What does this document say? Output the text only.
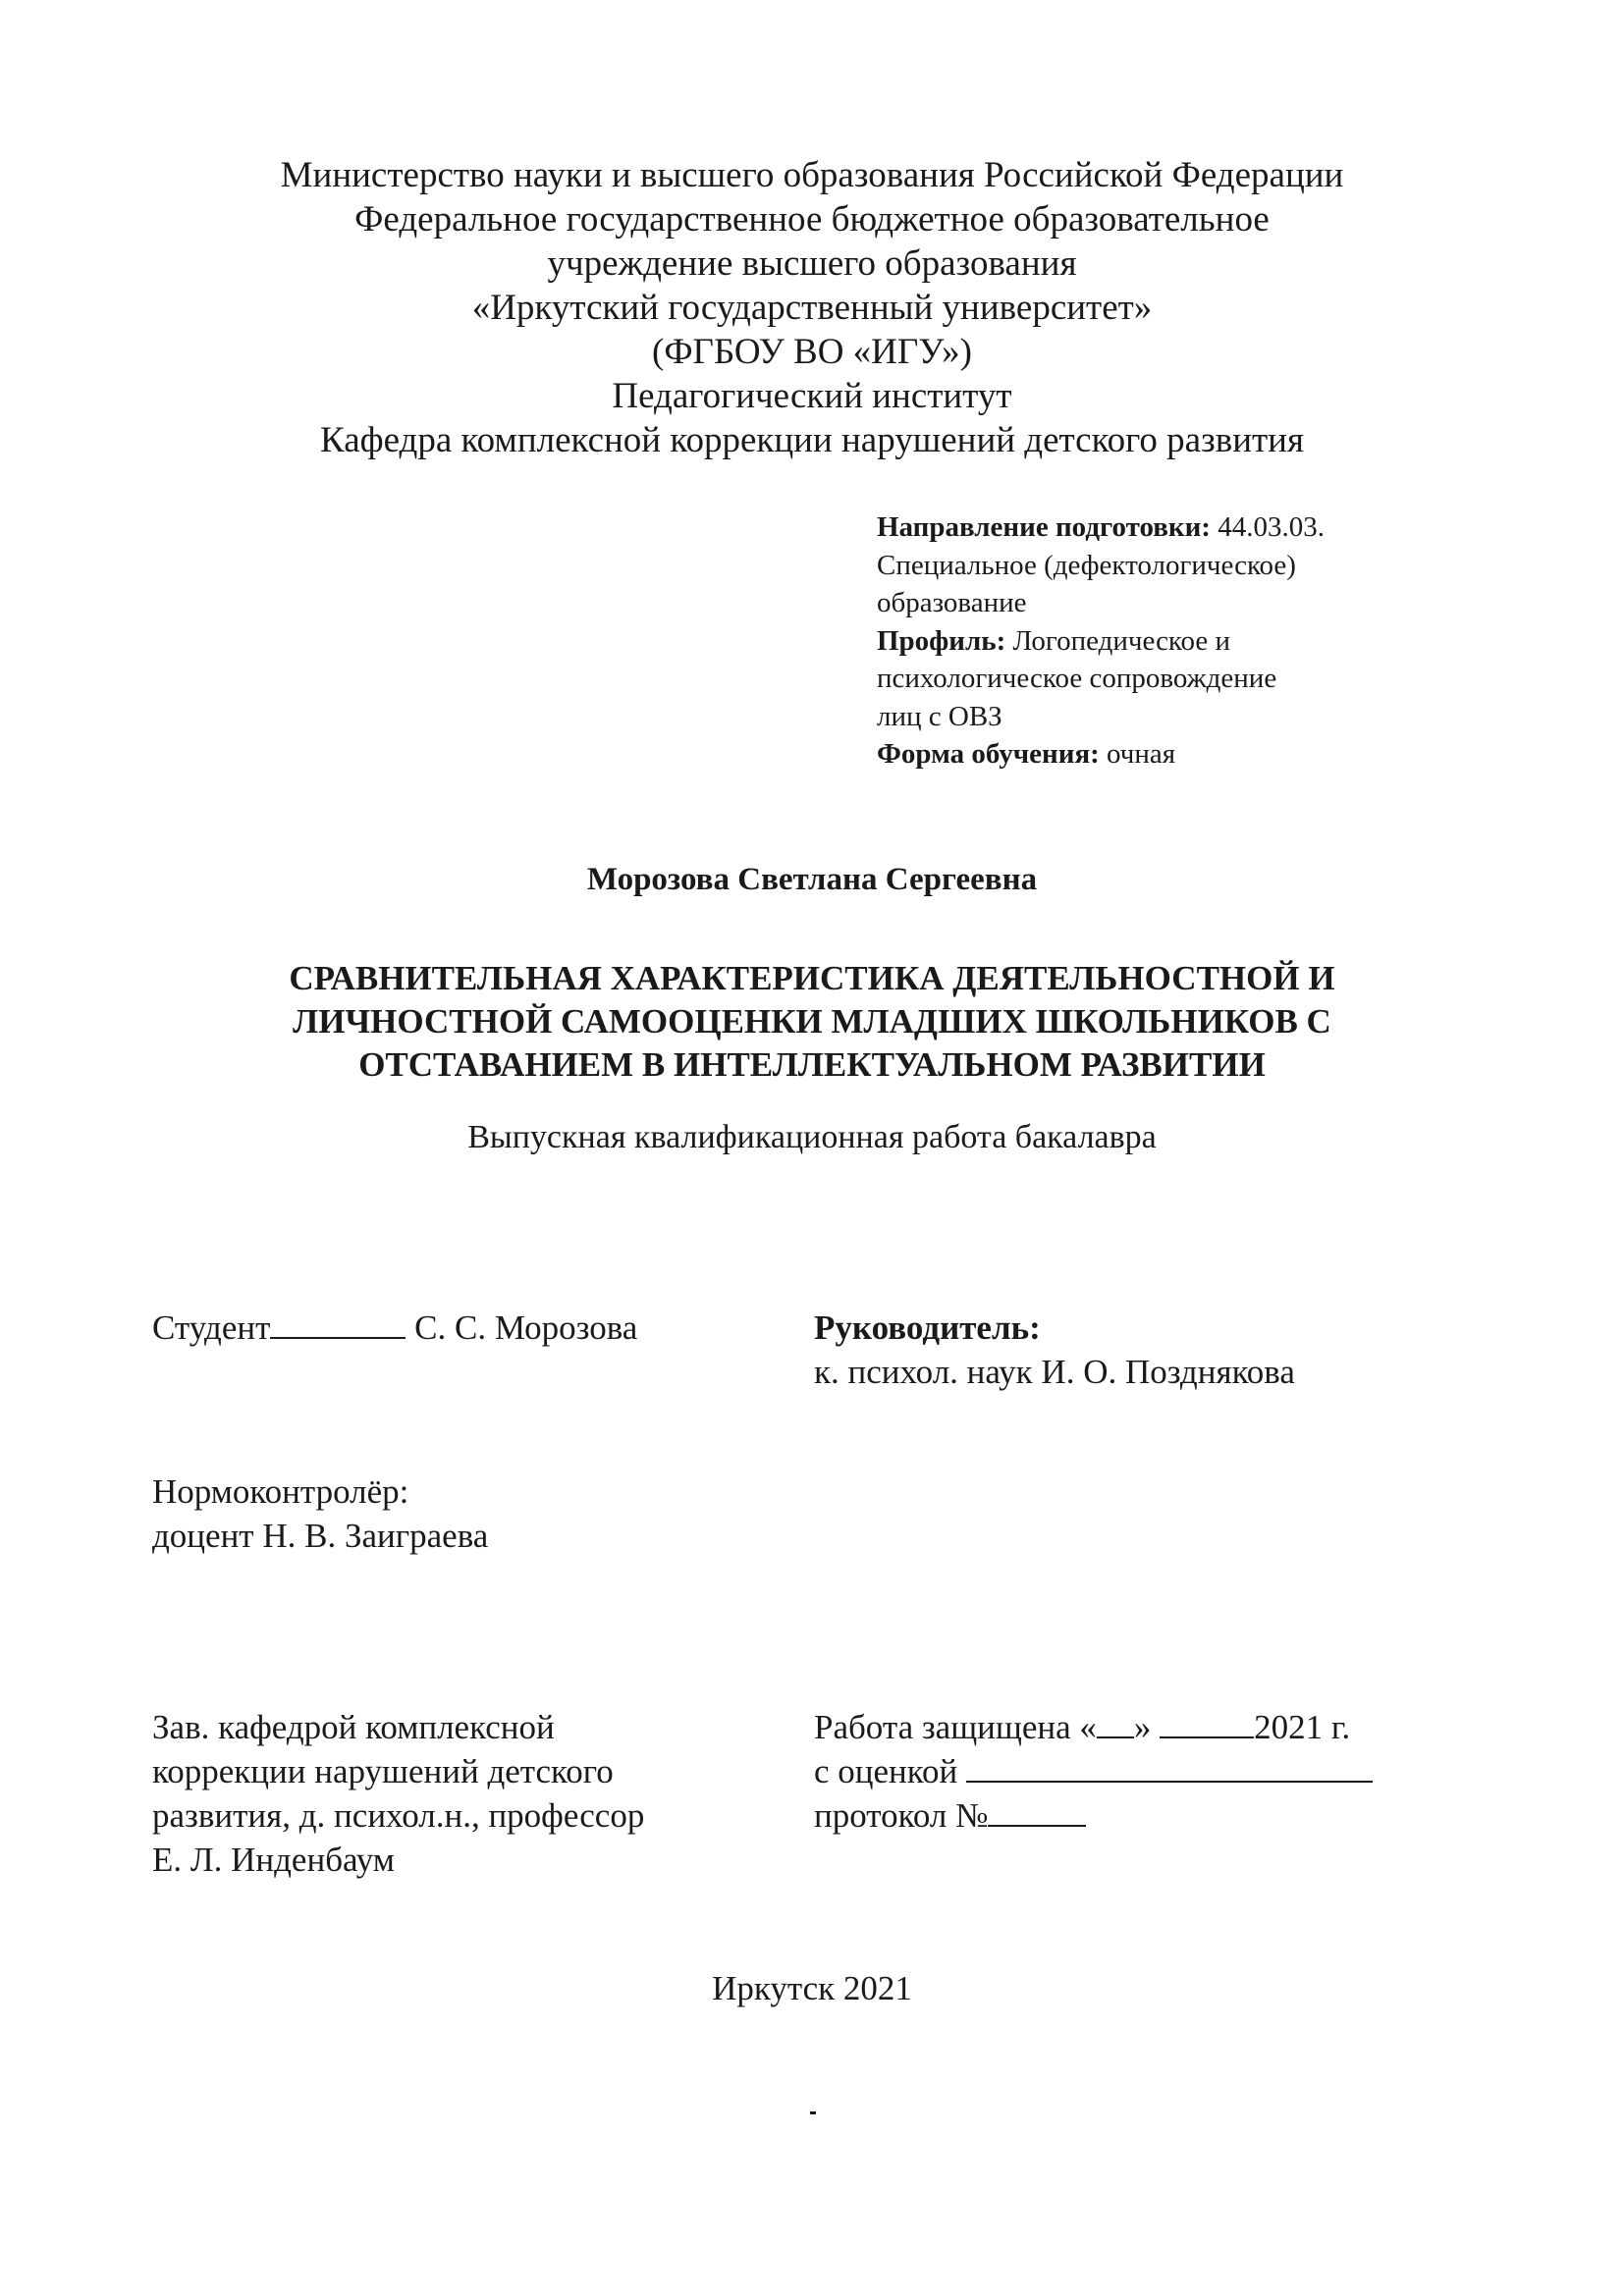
Министерство науки и высшего образования Российской Федерации
Федеральное государственное бюджетное образовательное
учреждение высшего образования
«Иркутский государственный университет»
(ФГБОУ ВО «ИГУ»)
Педагогический институт
Кафедра комплексной коррекции нарушений детского развития
Направление подготовки: 44.03.03.
Специальное (дефектологическое)
образование
Профиль: Логопедическое и
психологическое сопровождение
лиц с ОВЗ
Форма обучения: очная
Морозова Светлана Сергеевна
СРАВНИТЕЛЬНАЯ ХАРАКТЕРИСТИКА ДЕЯТЕЛЬНОСТНОЙ И
ЛИЧНОСТНОЙ САМООЦЕНКИ МЛАДШИХ ШКОЛЬНИКОВ С
ОТСТАВАНИЕМ В ИНТЕЛЛЕКТУАЛЬНОМ РАЗВИТИИ
Выпускная квалификационная работа бакалавра
Студент	С. С. Морозова	Руководитель:
к. психол. наук И. О. Позднякова
Нормоконтролёр:
доцент Н. В. Заиграева
Зав. кафедрой комплексной
коррекции нарушений детского
развития, д. психол.н., профессор
Е. Л. Инденбаум
Работа защищена « »	2021 г.
с оценкой
протокол №
Иркутск 2021
